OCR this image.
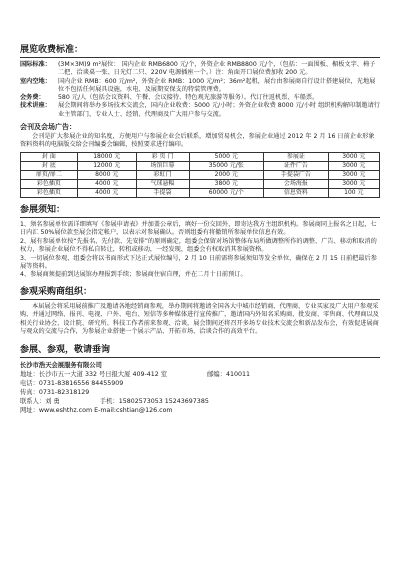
展览收费标准：
国际标准：	(3M×3M)9 m²展位： 国内企业 RMB6800 元/个，外资企业 RMB8800 元/个，（包括：一面围板、楣板文字、椅子二把、洽谈桌一张、日光灯二只、220V 电源插座一个。）注：角面开口展位费加收 200 元。
室内空地：	国内企业 RMB：600 元/m²，外资企业 RMB：1000 元/m²；36m²起租，展台由参展商自行设计搭建展位，光地展位不包括任何展具设施，水电、及展期安保支的特装管理费。
会务费：	580 元/人（包括会议资料、午餐、会议接待、特色观光旅游等服务）。代订往返机票、车船票。
技术讲座：	展会期间将举办多场技术交流会，国内企业收费：5000 元/小时；外资企业收费 8000 元/小时 组织机构解印制邀请行业主管部门、专业人士、经销、代理商及广大用户参与交流。
会刊及会场广告：

会刊是扩大参展企业的知名度，方便用户与参展企业会后联系，增加贸易机会，参展企业通过 2012 年 2 月 16 日前企业形象资料资料的电脑版交给会刊编委会编辑，按照要求进行编印。

封 面	18000 元	彩 页 门	5000 元	参展证	3000 元
封 底	12000 元	场馆巨幕	35000 元/张	证件广告	3000 元
扉页/扉二	8000 元	彩虹门	2000 元	手提袋广告	3000 元
彩色插页	4000 元	气球悬幅	3800 元	会场海报	3000 元
彩色插页	4000 元	手提袋	60000 元/个	信息资料	100 元
参展须知：

1、须名参展单位需详细填写《参展申请表》并加盖公章后，填好一份交回外，即寄达我方主组织机构。参展商同上报名之日起，七日内汇 50%展位款至展会指定帐户，以表示对参展确认。否则组委有将撤销所参展单位信息有效。

2、展有参展单位按“先报名、先付款、先安排”的原则确定，组委会保留对场馆整体布局所做调整所作的调整、广告、移动和取消的权力，参展企业展位不得私自转让，转租或移动，一经发现，组委会有权取消其参展资格。

3、一切展位参观、组委会将以书面形式下达正式展位编号，2 月 10 日前需将参展须知等发全单位，确保在 2 月 15 日前把最后参展等资料。

4、参展商须提前到达展馆办理报到手续；参展商住宿自理，并在二月十日前预订。

参观采购商组织：

本届展会将采用展前推广及邀请各地经销商参观，举办期间将邀请全国各大中城市经销商、代理商、专业买家及广大用户参观采购，并通过网络、报刊、电视、户外、电台、短信等多种媒体进行宣传推广，邀请国内外知名采购商、批发商、零售商、代理商以及相关行业协会、设计院、研究所、科技工作者前来参观、洽谈，展会期间还将召开多场专业技术交流会和新品发布会，有效促进展商与观众的交流与合作，为参展企业搭建一个展示产品、开拓市场、洽谈合作的高效平台。

参展、参观，敬请垂询
长沙市浩天会展服务有限公司
地址：长沙市五一大道 332 号日报大厦 409-412 室	邮编：410011
电话：0731-83816556 84455909
传真：0731-82318129
联系人：刘 勇	手机：15802573053 15243697385
网址：www.eshthz.com E-mail:cshtian@126.com
